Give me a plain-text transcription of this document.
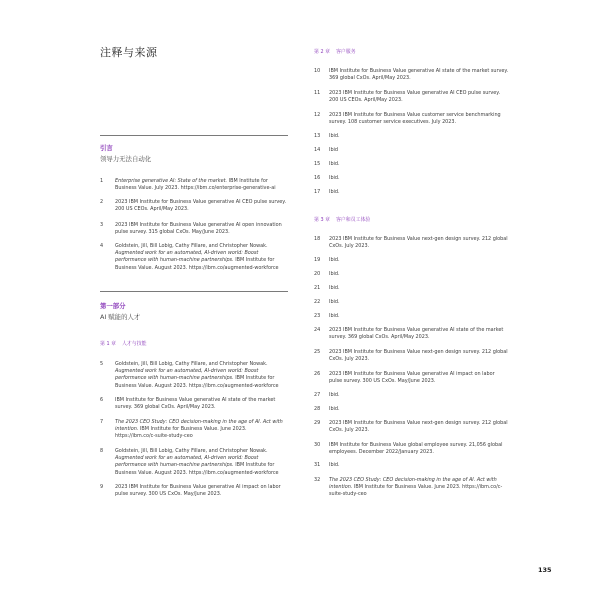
注释与来源
引言
领导力无法自动化
1	Enterprise generative AI: State of the market. IBM Institute for Business Value. July 2023. https://ibm.co/enterprise-generative-ai
2	2023 IBM Institute for Business Value generative AI CEO pulse survey. 200 US CEOs. April/May 2023.
3	2023 IBM Institute for Business Value generative AI open innovation pulse survey. 315 global CxOs. May/June 2023.
4	Goldstein, Jill, Bill Lobig, Cathy Fillare, and Christopher Nowak. Augmented work for an automated, AI-driven world: Boost performance with human-machine partnerships. IBM Institute for Business Value. August 2023. https://ibm.co/augmented-workforce
第一部分
AI 赋能的人才
第 1 章 人才与技能
5	Goldstein, Jill, Bill Lobig, Cathy Fillare, and Christopher Nowak. Augmented work for an automated, AI-driven world: Boost performance with human-machine partnerships. IBM Institute for Business Value. August 2023. https://ibm.co/augmented-workforce
6	IBM Institute for Business Value generative AI state of the market survey. 369 global CxOs. April/May 2023.
7	The 2023 CEO Study: CEO decision-making in the age of AI. Act with intention. IBM Institute for Business Value. June 2023. https://ibm.co/c-suite-study-ceo
8	Goldstein, Jill, Bill Lobig, Cathy Fillare, and Christopher Nowak. Augmented work for an automated, AI-driven world: Boost performance with human-machine partnerships. IBM Institute for Business Value. August 2023. https://ibm.co/augmented-workforce
9	2023 IBM Institute for Business Value generative AI impact on labor pulse survey. 300 US CxOs. May/June 2023.
第 2 章 客户服务
10	IBM Institute for Business Value generative AI state of the market survey. 369 global CxOs. April/May 2023.
11	2023 IBM Institute for Business Value generative AI CEO pulse survey. 200 US CEOs. April/May 2023.
12	2023 IBM Institute for Business Value customer service benchmarking survey. 108 customer service executives. July 2023.
13	Ibid.
14	Ibid
15	Ibid.
16	Ibid.
17	Ibid.
第 3 章 客户和员工体验
18	2023 IBM Institute for Business Value next-gen design survey. 212 global CxOs. July 2023.
19	Ibid.
20	Ibid.
21	Ibid.
22	Ibid.
23	Ibid.
24	2023 IBM Institute for Business Value generative AI state of the market survey. 369 global CxOs. April/May 2023.
25	2023 IBM Institute for Business Value next-gen design survey. 212 global CxOs. July 2023.
26	2023 IBM Institute for Business Value generative AI impact on labor pulse survey. 300 US CxOs. May/June 2023.
27	Ibid.
28	Ibid.
29	2023 IBM Institute for Business Value next-gen design survey. 212 global CxOs. July 2023.
30	IBM Institute for Business Value global employee survey. 21,056 global employees. December 2022/January 2023.
31	Ibid.
32	The 2023 CEO Study: CEO decision-making in the age of AI. Act with intention. IBM Institute for Business Value. June 2023. https://ibm.co/c-suite-study-ceo
135
